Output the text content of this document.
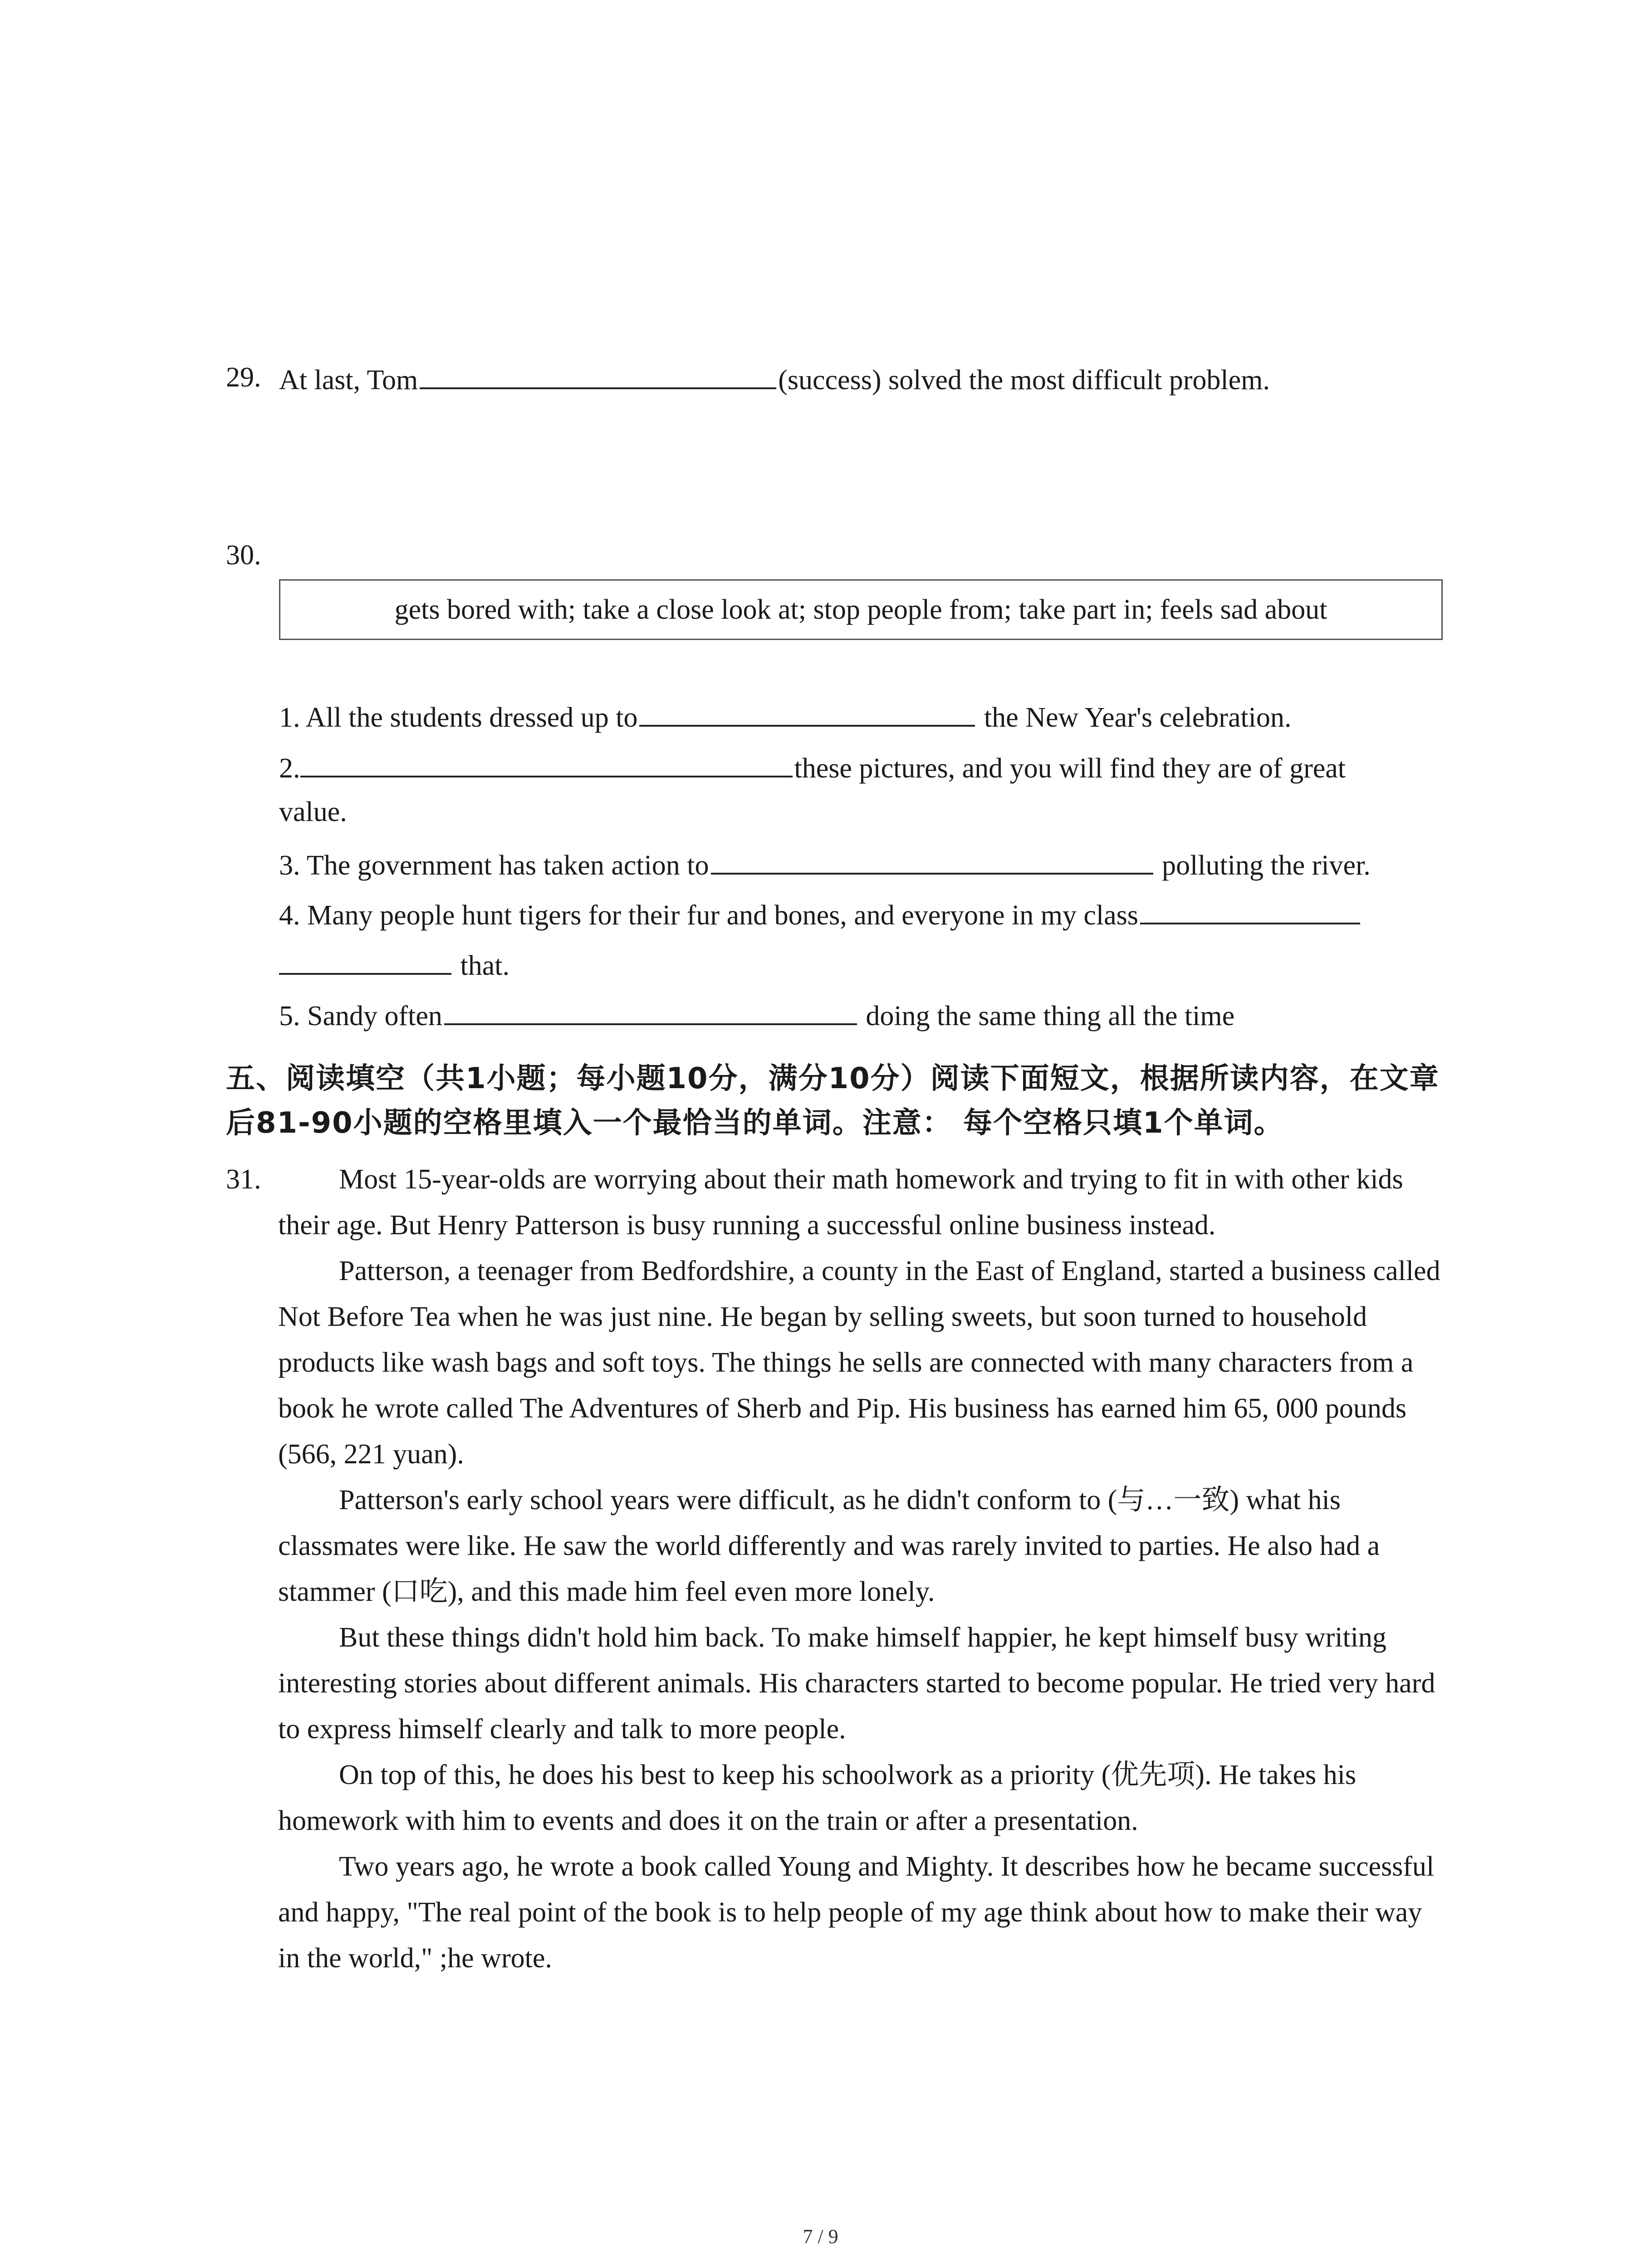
29. At last, Tom	(success) solved the most difficult problem.
30.
gets bored with; take a close look at; stop people from; take part in; feels sad about
1. All the students dressed up to	the New Year's celebration.
2.	these pictures, and you will find they are of great
value.
3. The government has taken action to	polluting the river.
4. Many people hunt tigers for their fur and bones, and everyone in my class
that.
5. Sandy often	doing the same thing all the time
五、阅读填空（共1小题；每小题10分，满分10分）阅读下面短文，根据所读内容，在文章
后81-90小题的空格里填入一个最恰当的单词。注意： 每个空格只填1个单词。
31.	Most 15-year-olds are worrying about their math homework and trying to fit in with other kids their age. But Henry Patterson is busy running a successful online business instead.

Patterson, a teenager from Bedfordshire, a county in the East of England, started a business called Not Before Tea when he was just nine. He began by selling sweets, but soon turned to household products like wash bags and soft toys. The things he sells are connected with many characters from a book he wrote called The Adventures of Sherb and Pip. His business has earned him 65, 000 pounds (566, 221 yuan).

Patterson's early school years were difficult, as he didn't conform to (与…一致) what his classmates were like. He saw the world differently and was rarely invited to parties. He also had a stammer (口吃), and this made him feel even more lonely.

But these things didn't hold him back. To make himself happier, he kept himself busy writing interesting stories about different animals. His characters started to become popular. He tried very hard to express himself clearly and talk to more people.

On top of this, he does his best to keep his schoolwork as a priority (优先项). He takes his homework with him to events and does it on the train or after a presentation.

Two years ago, he wrote a book called Young and Mighty. It describes how he became successful and happy, "The real point of the book is to help people of my age think about how to make their way in the world," ;he wrote.

7 / 9
